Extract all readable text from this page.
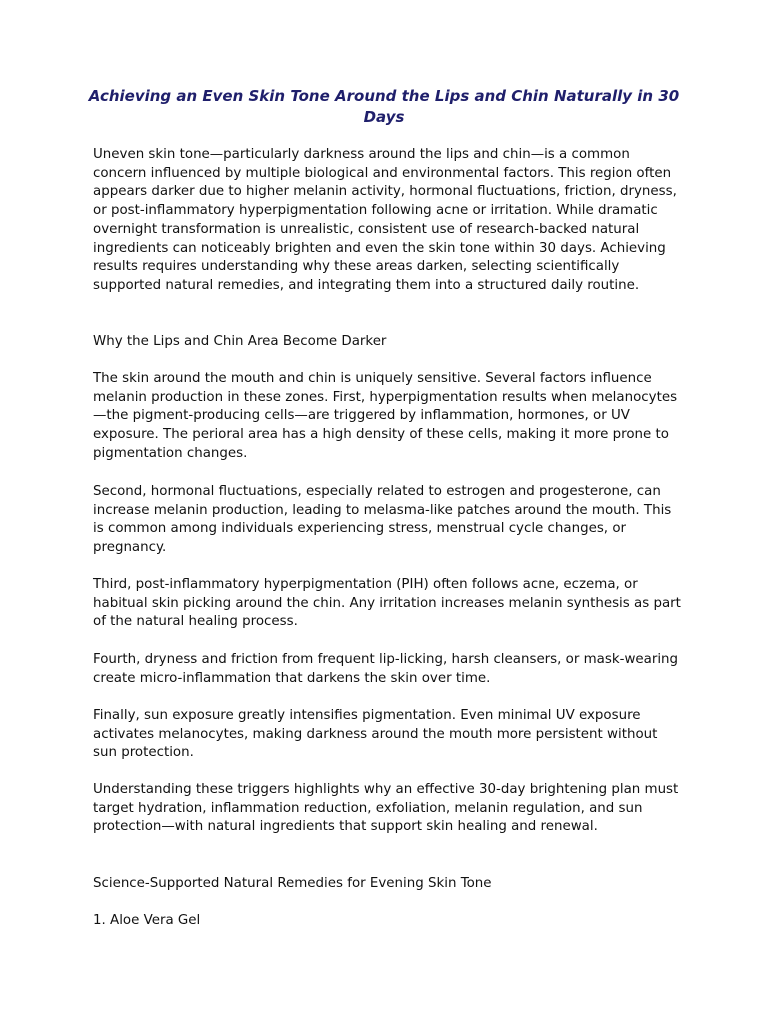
Achieving an Even Skin Tone Around the Lips and Chin Naturally in 30 Days

Uneven skin tone—particularly darkness around the lips and chin—is a common concern influenced by multiple biological and environmental factors. This region often appears darker due to higher melanin activity, hormonal fluctuations, friction, dryness, or post-inflammatory hyperpigmentation following acne or irritation. While dramatic overnight transformation is unrealistic, consistent use of research-backed natural ingredients can noticeably brighten and even the skin tone within 30 days. Achieving results requires understanding why these areas darken, selecting scientifically supported natural remedies, and integrating them into a structured daily routine.

Why the Lips and Chin Area Become Darker

The skin around the mouth and chin is uniquely sensitive. Several factors influence melanin production in these zones. First, hyperpigmentation results when melanocytes—the pigment-producing cells—are triggered by inflammation, hormones, or UV exposure. The perioral area has a high density of these cells, making it more prone to pigmentation changes.

Second, hormonal fluctuations, especially related to estrogen and progesterone, can increase melanin production, leading to melasma-like patches around the mouth. This is common among individuals experiencing stress, menstrual cycle changes, or pregnancy.

Third, post-inflammatory hyperpigmentation (PIH) often follows acne, eczema, or habitual skin picking around the chin. Any irritation increases melanin synthesis as part of the natural healing process.

Fourth, dryness and friction from frequent lip-licking, harsh cleansers, or mask-wearing create micro-inflammation that darkens the skin over time.

Finally, sun exposure greatly intensifies pigmentation. Even minimal UV exposure activates melanocytes, making darkness around the mouth more persistent without sun protection.

Understanding these triggers highlights why an effective 30-day brightening plan must target hydration, inflammation reduction, exfoliation, melanin regulation, and sun protection—with natural ingredients that support skin healing and renewal.

Science-Supported Natural Remedies for Evening Skin Tone

1. Aloe Vera Gel
